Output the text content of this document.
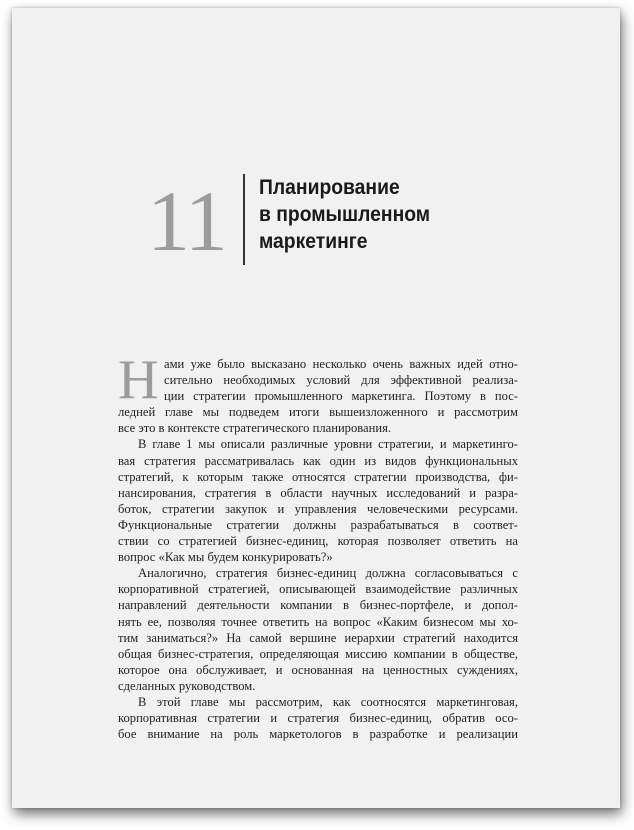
11 Планирование
в промышленном
маркетинге
Н ами уже было высказано несколько очень важных идей отно-
сительно необходимых условий для эффективной реализа-
ции стратегии промышленного маркетинга. Поэтому в пос-
ледней главе мы подведем итоги вышеизложенного и рассмотрим
все это в контексте стратегического планирования.
В главе 1 мы описали различные уровни стратегии, и маркетинго-
вая стратегия рассматривалась как один из видов функциональных
стратегий, к которым также относятся стратегии производства, фи-
нансирования, стратегия в области научных исследований и разра-
боток, стратегии закупок и управления человеческими ресурсами.
Функциональные стратегии должны разрабатываться в соответ-
ствии со стратегией бизнес-единиц, которая позволяет ответить на
вопрос «Как мы будем конкурировать?»
Аналогично, стратегия бизнес-единиц должна согласовываться с
корпоративной стратегией, описывающей взаимодействие различных
направлений деятельности компании в бизнес-портфеле, и допол-
нять ее, позволяя точнее ответить на вопрос «Каким бизнесом мы хо-
тим заниматься?» На самой вершине иерархии стратегий находится
общая бизнес-стратегия, определяющая миссию компании в обществе,
которое она обслуживает, и основанная на ценностных суждениях,
сделанных руководством.
В этой главе мы рассмотрим, как соотносятся маркетинговая,
корпоративная стратегии и стратегия бизнес-единиц, обратив осо-
бое внимание на роль маркетологов в разработке и реализации
